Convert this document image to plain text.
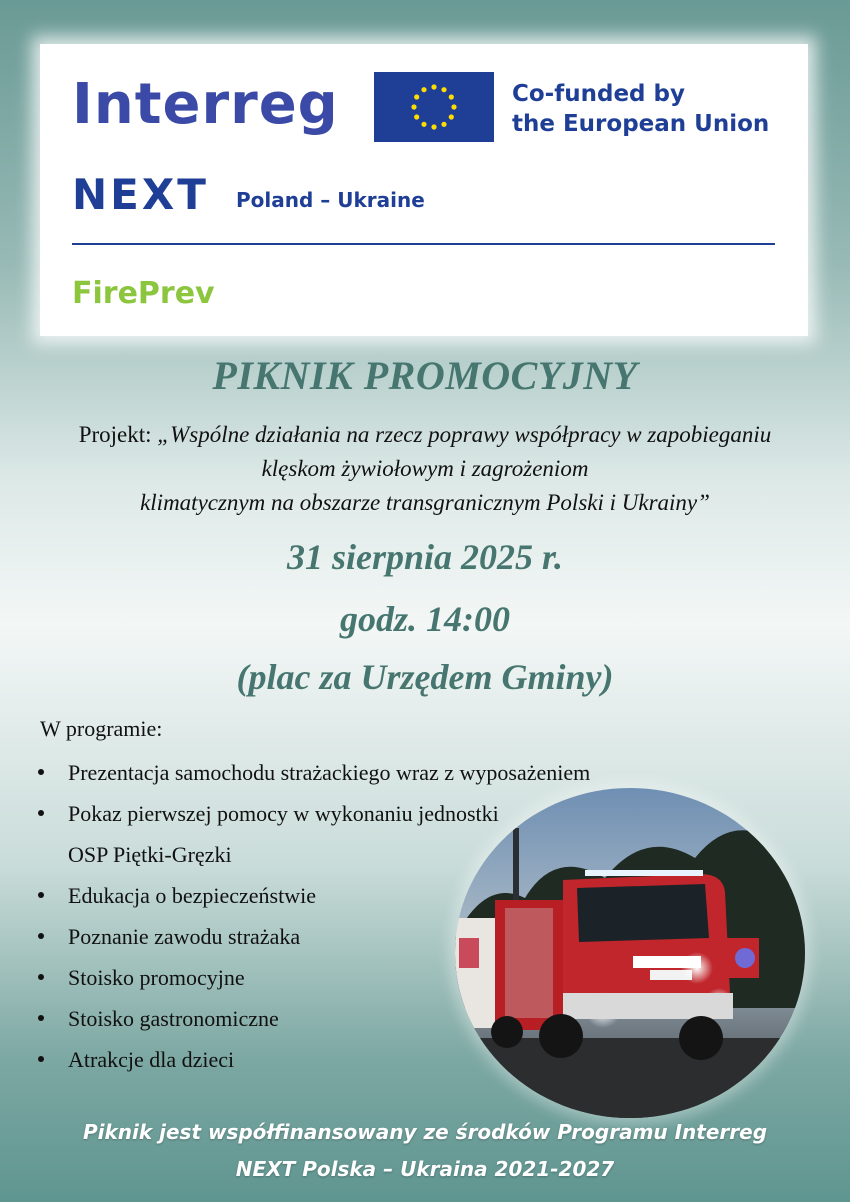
Interreg	Co-funded by
the European Union
NEXT Poland – Ukraine
FirePrev
PIKNIK PROMOCYJNY
Projekt: „Wspólne działania na rzecz poprawy współpracy w zapobieganiu
klęskom żywiołowym i zagrożeniom
klimatycznym na obszarze transgranicznym Polski i Ukrainy”
31 sierpnia 2025 r.
godz. 14:00
(plac za Urzędem Gminy)
W programie:
Prezentacja samochodu strażackiego wraz z wyposażeniem
Pokaz pierwszej pomocy w wykonaniu jednostki
OSP Piętki-Gręzki
Edukacja o bezpieczeństwie
Poznanie zawodu strażaka
Stoisko promocyjne
Stoisko gastronomiczne
Atrakcje dla dzieci
Piknik jest współfinansowany ze środków Programu Interreg
NEXT Polska – Ukraina 2021-2027
